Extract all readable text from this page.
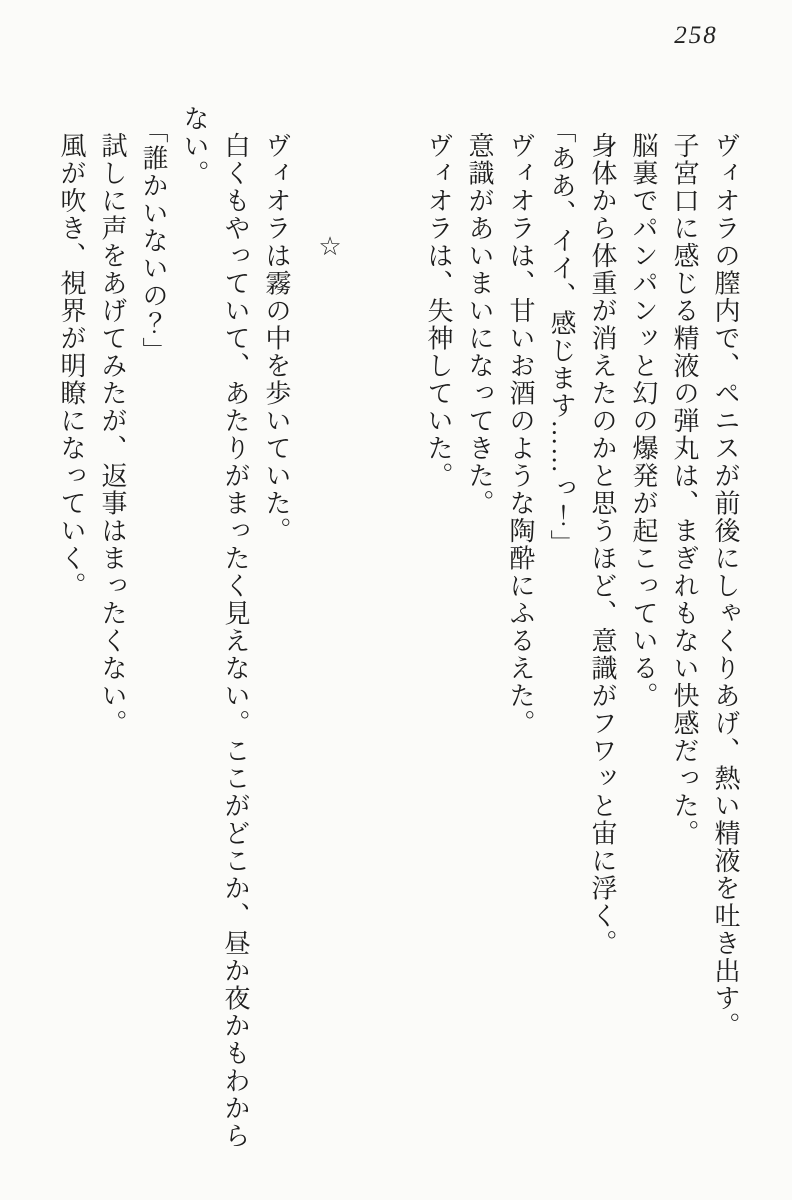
258
ヴィオラの膣内で、ペニスが前後にしゃくりあげ、熱い精液を吐き出す。
子宮口に感じる精液の弾丸は、まぎれもない快感だった。
脳裏でパンパンッと幻の爆発が起こっている。
身体から体重が消えたのかと思うほど、意識がフワッと宙に浮く。
「ああ、イイ、感じます……っ！」
ヴィオラは、甘いお酒のような陶酔にふるえた。
意識があいまいになってきた。
ヴィオラは、失神していた。
☆
ヴィオラは霧の中を歩いていた。
白くもやっていて、あたりがまったく見えない。ここがどこか、昼か夜かもわから
ない。
「誰かいないの？」
試しに声をあげてみたが、返事はまったくない。
風が吹き、視界が明瞭になっていく。
